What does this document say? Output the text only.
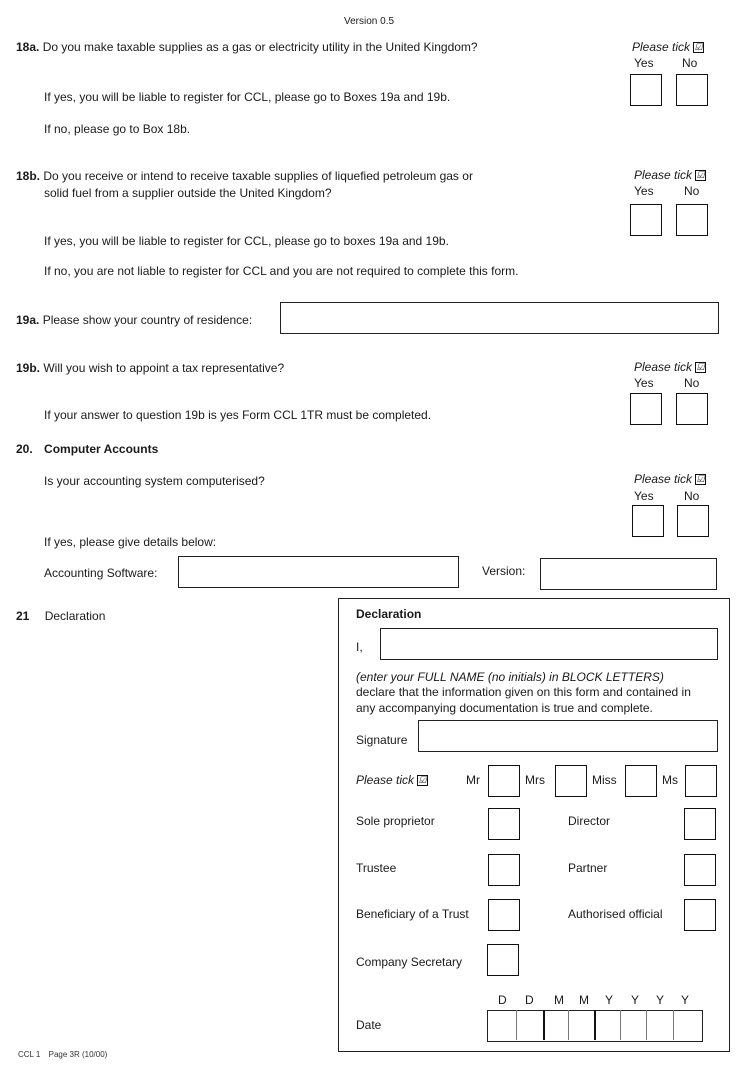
Version 0.5
18a. Do you make taxable supplies as a gas or electricity utility in the United Kingdom?	Please tick ☑
Yes No
If yes, you will be liable to register for CCL, please go to Boxes 19a and 19b.
If no, please go to Box 18b.
18b. Do you receive or intend to receive taxable supplies of liquefied petroleum gas or
solid fuel from a supplier outside the United Kingdom?
Please tick ☑
Yes	No
If yes, you will be liable to register for CCL, please go to boxes 19a and 19b.
If no, you are not liable to register for CCL and you are not required to complete this form.
19a. Please show your country of residence:
19b. Will you wish to appoint a tax representative?	Please tick ☑
Yes	No
If your answer to question 19b is yes Form CCL 1TR must be completed.
20. Computer Accounts
Is your accounting system computerised?	Please tick ☑
Yes	No
If yes, please give details below:
Accounting Software:	Version:
21 Declaration	Declaration
I,
(enter your FULL NAME (no initials) in BLOCK LETTERS)
declare that the information given on this form and contained in
any accompanying documentation is true and complete.
Signature
Please tick ☑	Mr	Mrs	Miss	Ms
Sole proprietor	Director
Trustee	Partner
Beneficiary of a Trust	Authorised official
Company Secretary
D D M M Y Y Y Y
Date
CCL 1 Page 3R (10/00)
